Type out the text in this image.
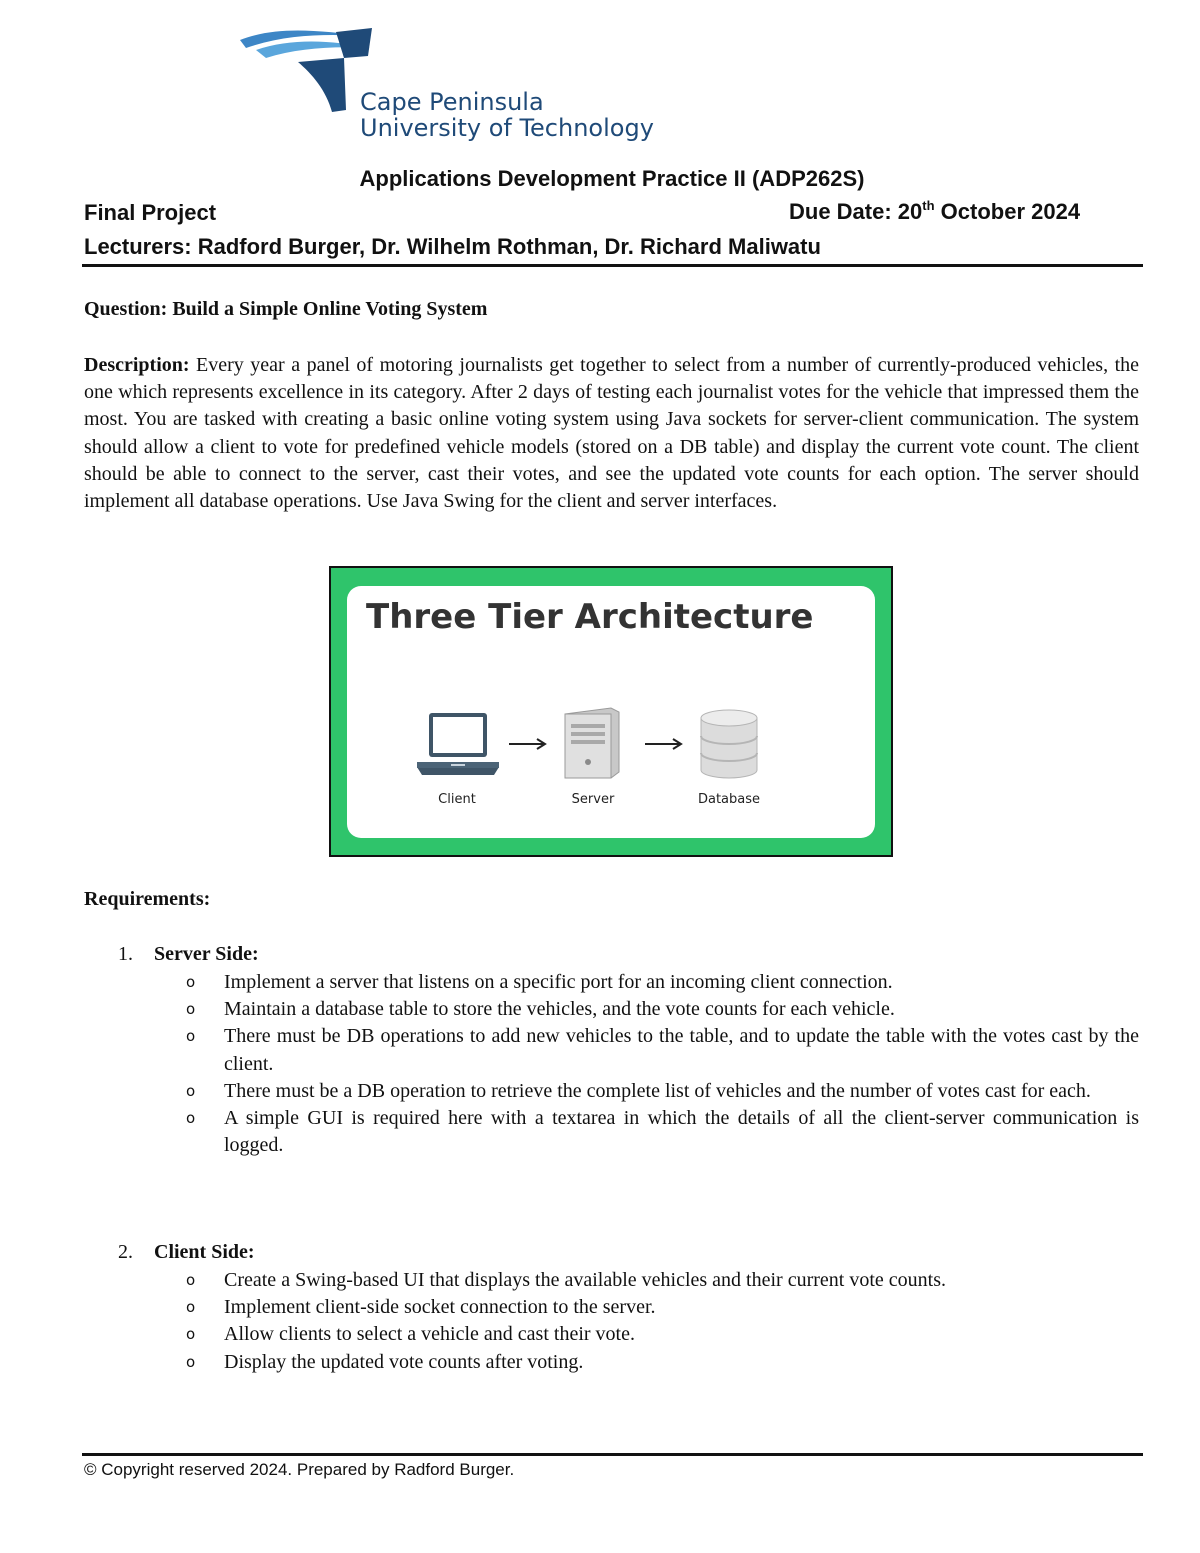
Cape Peninsula
University of Technology
Applications Development Practice II (ADP262S)
Final Project	Due Date: 20th October 2024
Lecturers: Radford Burger, Dr. Wilhelm Rothman, Dr. Richard Maliwatu
Question: Build a Simple Online Voting System
Description: Every year a panel of motoring journalists get together to select from a number of currently-produced vehicles, the one which represents excellence in its category. After 2 days of testing each journalist votes for the vehicle that impressed them the most. You are tasked with creating a basic online voting system using Java sockets for server-client communication. The system should allow a client to vote for predefined vehicle models (stored on a DB table) and display the current vote count. The client should be able to connect to the server, cast their votes, and see the updated vote counts for each option. The server should implement all database operations. Use Java Swing for the client and server interfaces.
Three Tier Architecture
Client	Server	Database
Requirements:
1. Server Side:
o Implement a server that listens on a specific port for an incoming client connection.
o Maintain a database table to store the vehicles, and the vote counts for each vehicle.
o There must be DB operations to add new vehicles to the table, and to update the table with the votes cast by the client.
o There must be a DB operation to retrieve the complete list of vehicles and the number of votes cast for each.
o A simple GUI is required here with a textarea in which the details of all the client-server communication is logged.
2. Client Side:
o Create a Swing-based UI that displays the available vehicles and their current vote counts.
o Implement client-side socket connection to the server.
o Allow clients to select a vehicle and cast their vote.
o Display the updated vote counts after voting.
© Copyright reserved 2024. Prepared by Radford Burger.
